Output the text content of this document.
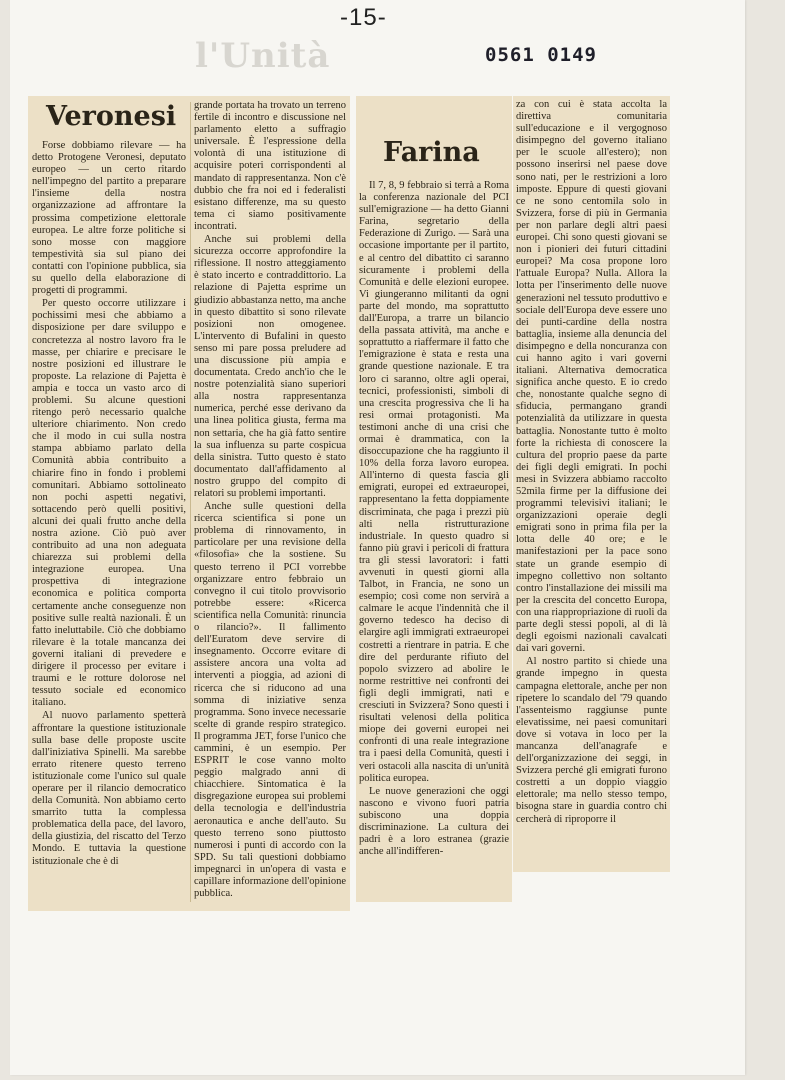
-15-
l'Unità	0561 0149
Veronesi

Forse dobbiamo rilevare — ha detto Protogene Veronesi, deputato europeo — un certo ritardo nell'impegno del partito a preparare l'insieme della nostra organizzazione ad affrontare la prossima competizione elettorale europea. Le altre forze politiche si sono mosse con maggiore tempestività sia sul piano dei contatti con l'opinione pubblica, sia su quello della elaborazione di progetti di programmi.

Per questo occorre utilizzare i pochissimi mesi che abbiamo a disposizione per dare sviluppo e concretezza al nostro lavoro fra le masse, per chiarire e precisare le nostre posizioni ed illustrare le proposte. La relazione di Pajetta è ampia e tocca un vasto arco di problemi. Su alcune questioni ritengo però necessario qualche ulteriore chiarimento. Non credo che il modo in cui sulla nostra stampa abbiamo parlato della Comunità abbia contribuito a chiarire fino in fondo i problemi comunitari. Abbiamo sottolineato non pochi aspetti negativi, sottacendo però quelli positivi, alcuni dei quali frutto anche della nostra azione. Ciò può aver contribuito ad una non adeguata chiarezza sui problemi della integrazione europea. Una prospettiva di integrazione economica e politica comporta certamente anche conseguenze non positive sulle realtà nazionali. È un fatto ineluttabile. Ciò che dobbiamo rilevare è la totale mancanza dei governi italiani di prevedere e dirigere il processo per evitare i traumi e le rotture dolorose nel tessuto sociale ed economico italiano.

Al nuovo parlamento spetterà affrontare la questione istituzionale sulla base delle proposte uscite dall'iniziativa Spinelli. Ma sarebbe errato ritenere questo terreno istituzionale come l'unico sul quale operare per il rilancio democratico della Comunità. Non abbiamo certo smarrito tutta la complessa problematica della pace, del lavoro, della giustizia, del riscatto del Terzo Mondo. E tuttavia la questione istituzionale che è di

grande portata ha trovato un terreno fertile di incontro e discussione nel parlamento eletto a suffragio universale. È l'espressione della volontà di una istituzione di acquisire poteri corrispondenti al mandato di rappresentanza. Non c'è dubbio che fra noi ed i federalisti esistano differenze, ma su questo tema ci siamo positivamente incontrati.

Anche sui problemi della sicurezza occorre approfondire la riflessione. Il nostro atteggiamento è stato incerto e contraddittorio. La relazione di Pajetta esprime un giudizio abbastanza netto, ma anche in questo dibattito si sono rilevate posizioni non omogenee. L'intervento di Bufalini in questo senso mi pare possa preludere ad una discussione più ampia e documentata. Credo anch'io che le nostre potenzialità siano superiori alla nostra rappresentanza numerica, perché esse derivano da una linea politica giusta, ferma ma non settaria, che ha già fatto sentire la sua influenza su parte cospicua della sinistra. Tutto questo è stato documentato dall'affidamento al nostro gruppo del compito di relatori su problemi importanti.

Anche sulle questioni della ricerca scientifica si pone un problema di rinnovamento, in particolare per una revisione della «filosofia» che la sostiene. Su questo terreno il PCI vorrebbe organizzare entro febbraio un convegno il cui titolo provvisorio potrebbe essere: «Ricerca scientifica nella Comunità: rinuncia o rilancio?». Il fallimento dell'Euratom deve servire di insegnamento. Occorre evitare di assistere ancora una volta ad interventi a pioggia, ad azioni di ricerca che si riducono ad una somma di iniziative senza programma. Sono invece necessarie scelte di grande respiro strategico. Il programma JET, forse l'unico che cammini, è un esempio. Per ESPRIT le cose vanno molto peggio malgrado anni di chiacchiere. Sintomatica è la disgregazione europea sui problemi della tecnologia e dell'industria aeronautica e anche dell'auto. Su questo terreno sono piuttosto numerosi i punti di accordo con la SPD. Su tali questioni dobbiamo impegnarci in un'opera di vasta e capillare informazione dell'opinione pubblica.

Farina

Il 7, 8, 9 febbraio si terrà a Roma la conferenza nazionale del PCI sull'emigrazione — ha detto Gianni Farina, segretario della Federazione di Zurigo. — Sarà una occasione importante per il partito, e al centro del dibattito ci saranno sicuramente i problemi della Comunità e delle elezioni europee. Vi giungeranno militanti da ogni parte del mondo, ma soprattutto dall'Europa, a trarre un bilancio della passata attività, ma anche e soprattutto a riaffermare il fatto che l'emigrazione è stata e resta una grande questione nazionale. E tra loro ci saranno, oltre agli operai, tecnici, professionisti, simboli di una crescita progressiva che li ha resi ormai protagonisti. Ma testimoni anche di una crisi che ormai è drammatica, con la disoccupazione che ha raggiunto il 10% della forza lavoro europea. All'interno di questa fascia gli emigrati, europei ed extraeuropei, rappresentano la fetta doppiamente discriminata, che paga i prezzi più alti nella ristrutturazione industriale. In questo quadro si fanno più gravi i pericoli di frattura tra gli stessi lavoratori: i fatti avvenuti in questi giorni alla Talbot, in Francia, ne sono un esempio; così come non servirà a calmare le acque l'indennità che il governo tedesco ha deciso di elargire agli immigrati extraeuropei costretti a rientrare in patria. E che dire del perdurante rifiuto del popolo svizzero ad abolire le norme restrittive nei confronti dei figli degli immigrati, nati e cresciuti in Svizzera? Sono questi i risultati velenosi della politica miope dei governi europei nei confronti di una reale integrazione tra i paesi della Comunità, questi i veri ostacoli alla nascita di un'unità politica europea.

Le nuove generazioni che oggi nascono e vivono fuori patria subiscono una doppia discriminazione. La cultura dei padri è a loro estranea (grazie anche all'indifferen-

za con cui è stata accolta la direttiva comunitaria sull'educazione e il vergognoso disimpegno del governo italiano per le scuole all'estero); non possono inserirsi nel paese dove sono nati, per le restrizioni a loro imposte. Eppure di questi giovani ce ne sono centomila solo in Svizzera, forse di più in Germania per non parlare degli altri paesi europei. Chi sono questi giovani se non i pionieri dei futuri cittadini europei? Ma cosa propone loro l'attuale Europa? Nulla. Allora la lotta per l'inserimento delle nuove generazioni nel tessuto produttivo e sociale dell'Europa deve essere uno dei punti-cardine della nostra battaglia, insieme alla denuncia del disimpegno e della noncuranza con cui hanno agito i vari governi italiani. Alternativa democratica significa anche questo. E io credo che, nonostante qualche segno di sfiducia, permangano grandi potenzialità da utilizzare in questa battaglia. Nonostante tutto è molto forte la richiesta di conoscere la cultura del proprio paese da parte dei figli degli emigrati. In pochi mesi in Svizzera abbiamo raccolto 52mila firme per la diffusione dei programmi televisivi italiani; le organizzazioni operaie degli emigrati sono in prima fila per la lotta delle 40 ore; e le manifestazioni per la pace sono state un grande esempio di impegno collettivo non soltanto contro l'installazione dei missili ma per la crescita del concetto Europa, con una riappropriazione di ruoli da parte degli stessi popoli, al di là degli egoismi nazionali cavalcati dai vari governi.

Al nostro partito si chiede una grande impegno in questa campagna elettorale, anche per non ripetere lo scandalo del '79 quando l'assenteismo raggiunse punte elevatissime, nei paesi comunitari dove si votava in loco per la mancanza dell'anagrafe e dell'organizzazione dei seggi, in Svizzera perché gli emigrati furono costretti a un doppio viaggio elettorale; ma nello stesso tempo, bisogna stare in guardia contro chi cercherà di riproporre il
